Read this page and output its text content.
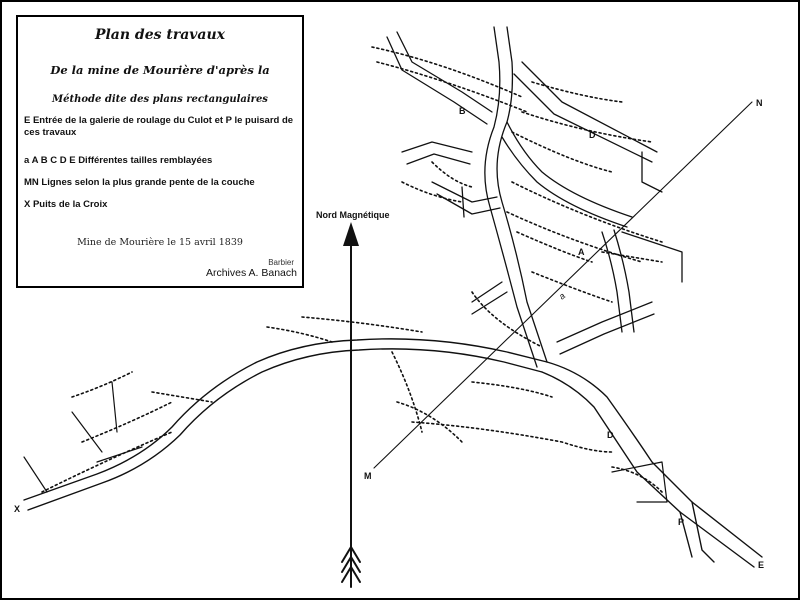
Nord Magnétique
B
D
A
D
N
M
X
P
E
a
Plan des travaux
De la mine de Mourière d'après la
Méthode dite des plans rectangulaires
E Entrée de la galerie de roulage du Culot et P le puisard de ces travaux
a A B C D E Différentes tailles remblayées
MN Lignes selon la plus grande pente de la couche
X Puits de la Croix
Mine de Mourière le 15 avril 1839
Barbier
Archives A. Banach
